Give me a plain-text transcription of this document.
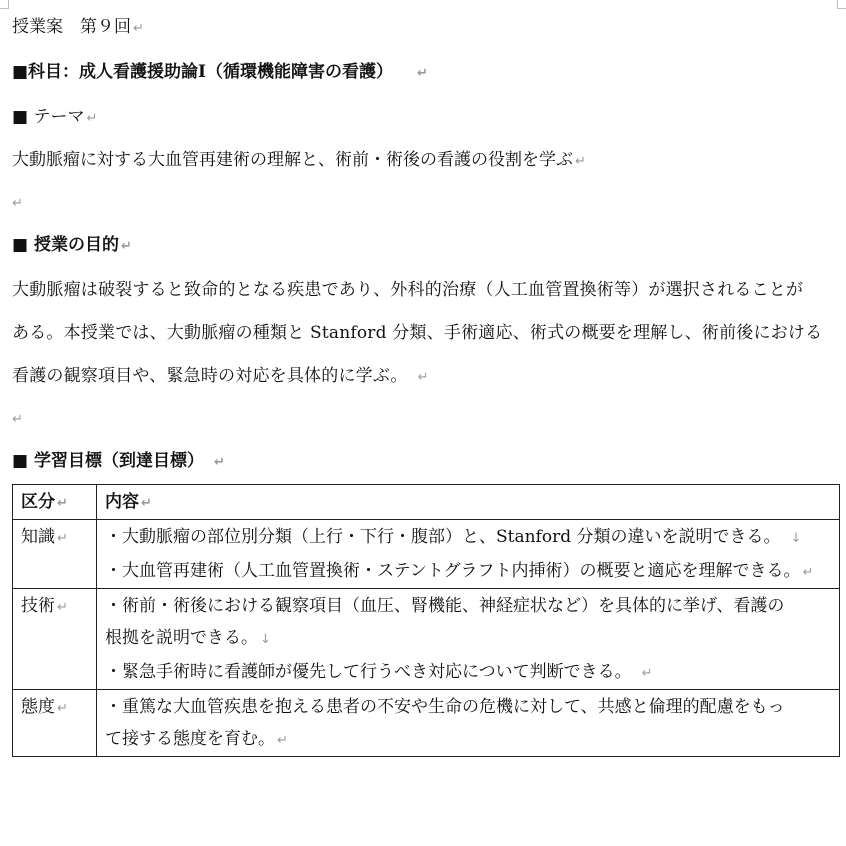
授業案　第９回 ↵
■科目：成人看護援助論Ⅰ（循環機能障害の看護） ↵
■ テーマ ↵
大動脈瘤に対する大血管再建術の理解と、術前・術後の看護の役割を学ぶ ↵
↵
■ 授業の目的 ↵
大動脈瘤は破裂すると致命的となる疾患であり、外科的治療（人工血管置換術等）が選択されることが
ある。本授業では、大動脈瘤の種類と Stanford 分類、手術適応、術式の概要を理解し、術前後における
看護の観察項目や、緊急時の対応を具体的に学ぶ。 ↵
↵
■ 学習目標（到達目標） ↵
区分 ↵	内容 ↵
知識 ↵	・大動脈瘤の部位別分類（上行・下行・腹部）と、Stanford 分類の違いを説明できる。 ↓
・大血管再建術（人工血管置換術・ステントグラフト内挿術）の概要と適応を理解できる。 ↵

技術 ↵	・術前・術後における観察項目（血圧、腎機能、神経症状など）を具体的に挙げ、看護の
根拠を説明できる。 ↓
・緊急手術時に看護師が優先して行うべき対応について判断できる。 ↵

態度 ↵	・重篤な大血管疾患を抱える患者の不安や生命の危機に対して、共感と倫理的配慮をもっ
て接する態度を育む。 ↵
